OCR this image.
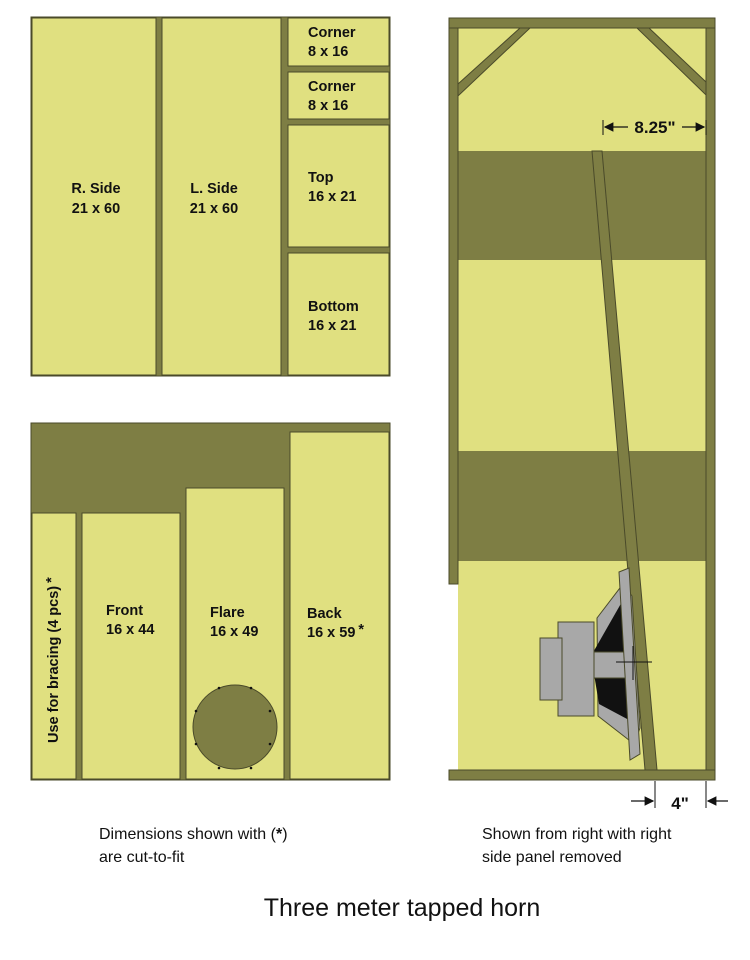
R. Side
21 x 60
L. Side
21 x 60
Corner
8 x 16
Corner
8 x 16
Top
16 x 21
Bottom
16 x 21
Use for bracing (4 pcs)*
Front
16 x 44
Flare
16 x 49
Back
16 x 59 *
8.25"
4"
Dimensions shown with (*)
are cut-to-fit
Shown from right with right
side panel removed
Three meter tapped horn
